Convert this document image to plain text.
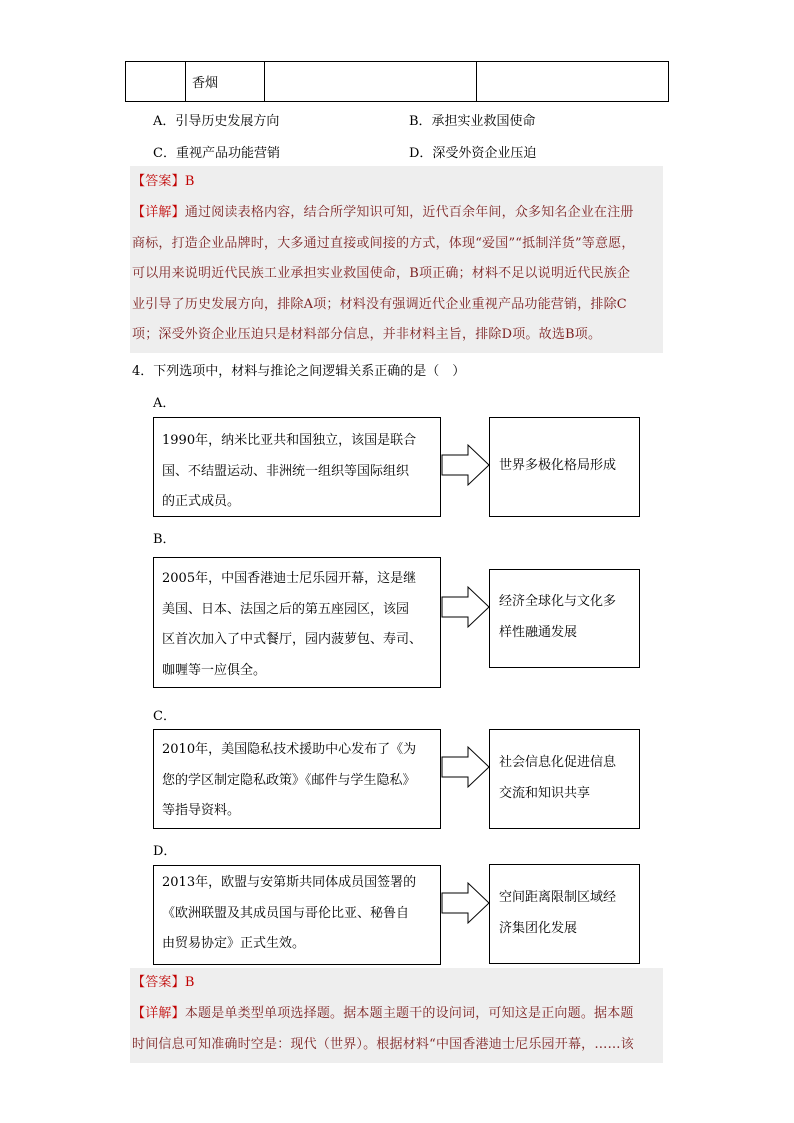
	香烟		
A．引导历史发展方向	B．承担实业救国使命
C．重视产品功能营销	D．深受外资企业压迫
【答案】B
【详解】通过阅读表格内容，结合所学知识可知，近代百余年间，众多知名企业在注册
商标，打造企业品牌时，大多通过直接或间接的方式，体现“爱国”“抵制洋货”等意愿，
可以用来说明近代民族工业承担实业救国使命，B项正确；材料不足以说明近代民族企
业引导了历史发展方向，排除A项；材料没有强调近代企业重视产品功能营销，排除C
项；深受外资企业压迫只是材料部分信息，并非材料主旨，排除D项。故选B项。
4．下列选项中，材料与推论之间逻辑关系正确的是（　）
A．
1990年，纳米比亚共和国独立，该国是联合
国、不结盟运动、非洲统一组织等国际组织
的正式成员。
世界多极化格局形成
B．
2005年，中国香港迪士尼乐园开幕，这是继
美国、日本、法国之后的第五座园区，该园
区首次加入了中式餐厅，园内菠萝包、寿司、
咖喱等一应俱全。
经济全球化与文化多
样性融通发展
C．
2010年，美国隐私技术援助中心发布了《为
您的学区制定隐私政策》《邮件与学生隐私》
等指导资料。
社会信息化促进信息
交流和知识共享
D．
2013年，欧盟与安第斯共同体成员国签署的
《欧洲联盟及其成员国与哥伦比亚、秘鲁自
由贸易协定》正式生效。
空间距离限制区域经
济集团化发展
【答案】B
【详解】本题是单类型单项选择题。据本题主题干的设问词，可知这是正向题。据本题
时间信息可知准确时空是：现代（世界）。根据材料“中国香港迪士尼乐园开幕，……该
